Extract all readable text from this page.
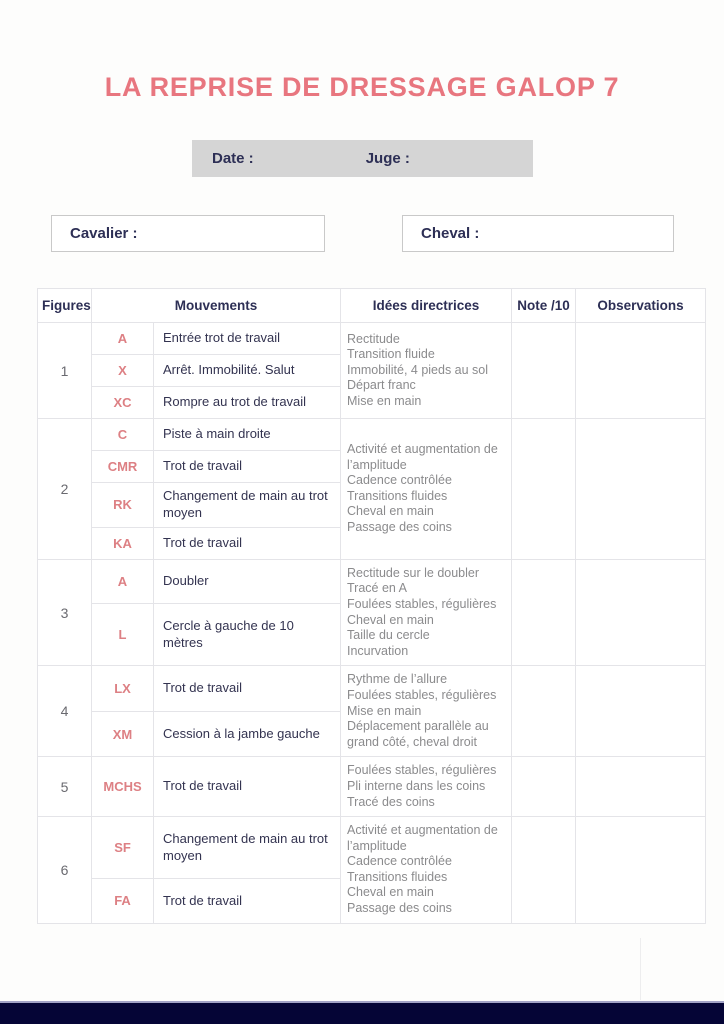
LA REPRISE DE DRESSAGE GALOP 7
Date :	Juge :
Cavalier :	Cheval :
Figures	Mouvements		Idées directrices	Note /10	Observations
1	A	Entrée trot de travail	Rectitude
Transition fluide
Immobilité, 4 pieds au sol
Départ franc
Mise en main		

	X	Arrêt. Immobilité. Salut			
	XC	Rompre au trot de travail			
2	C	Piste à main droite	Activité et augmentation de l’amplitude
Cadence contrôlée
Transitions fluides
Cheval en main
Passage des coins		

	CMR	Trot de travail			
	RK	Changement de main au trot moyen			
	KA	Trot de travail			
3	A	Doubler	
Rectitude sur le doubler
Tracé en A
Foulées stables, régulières
Cheval en main
Taille du cercle
Incurvation

	L	Cercle à gauche de 10 mètres			
4	LX	Trot de travail	Rythme de l’allure
Foulées stables, régulières
Mise en main
Déplacement parallèle au grand côté, cheval droit		

	XM	Cession à la jambe gauche			
5	MCHS	Trot de travail	Foulées stables, régulières
Pli interne dans les coins
Tracé des coins		

6	SF	Changement de main au trot moyen	Activité et augmentation de l’amplitude
Cadence contrôlée
Transitions fluides
Cheval en main
Passage des coins		

	FA	Trot de travail			
